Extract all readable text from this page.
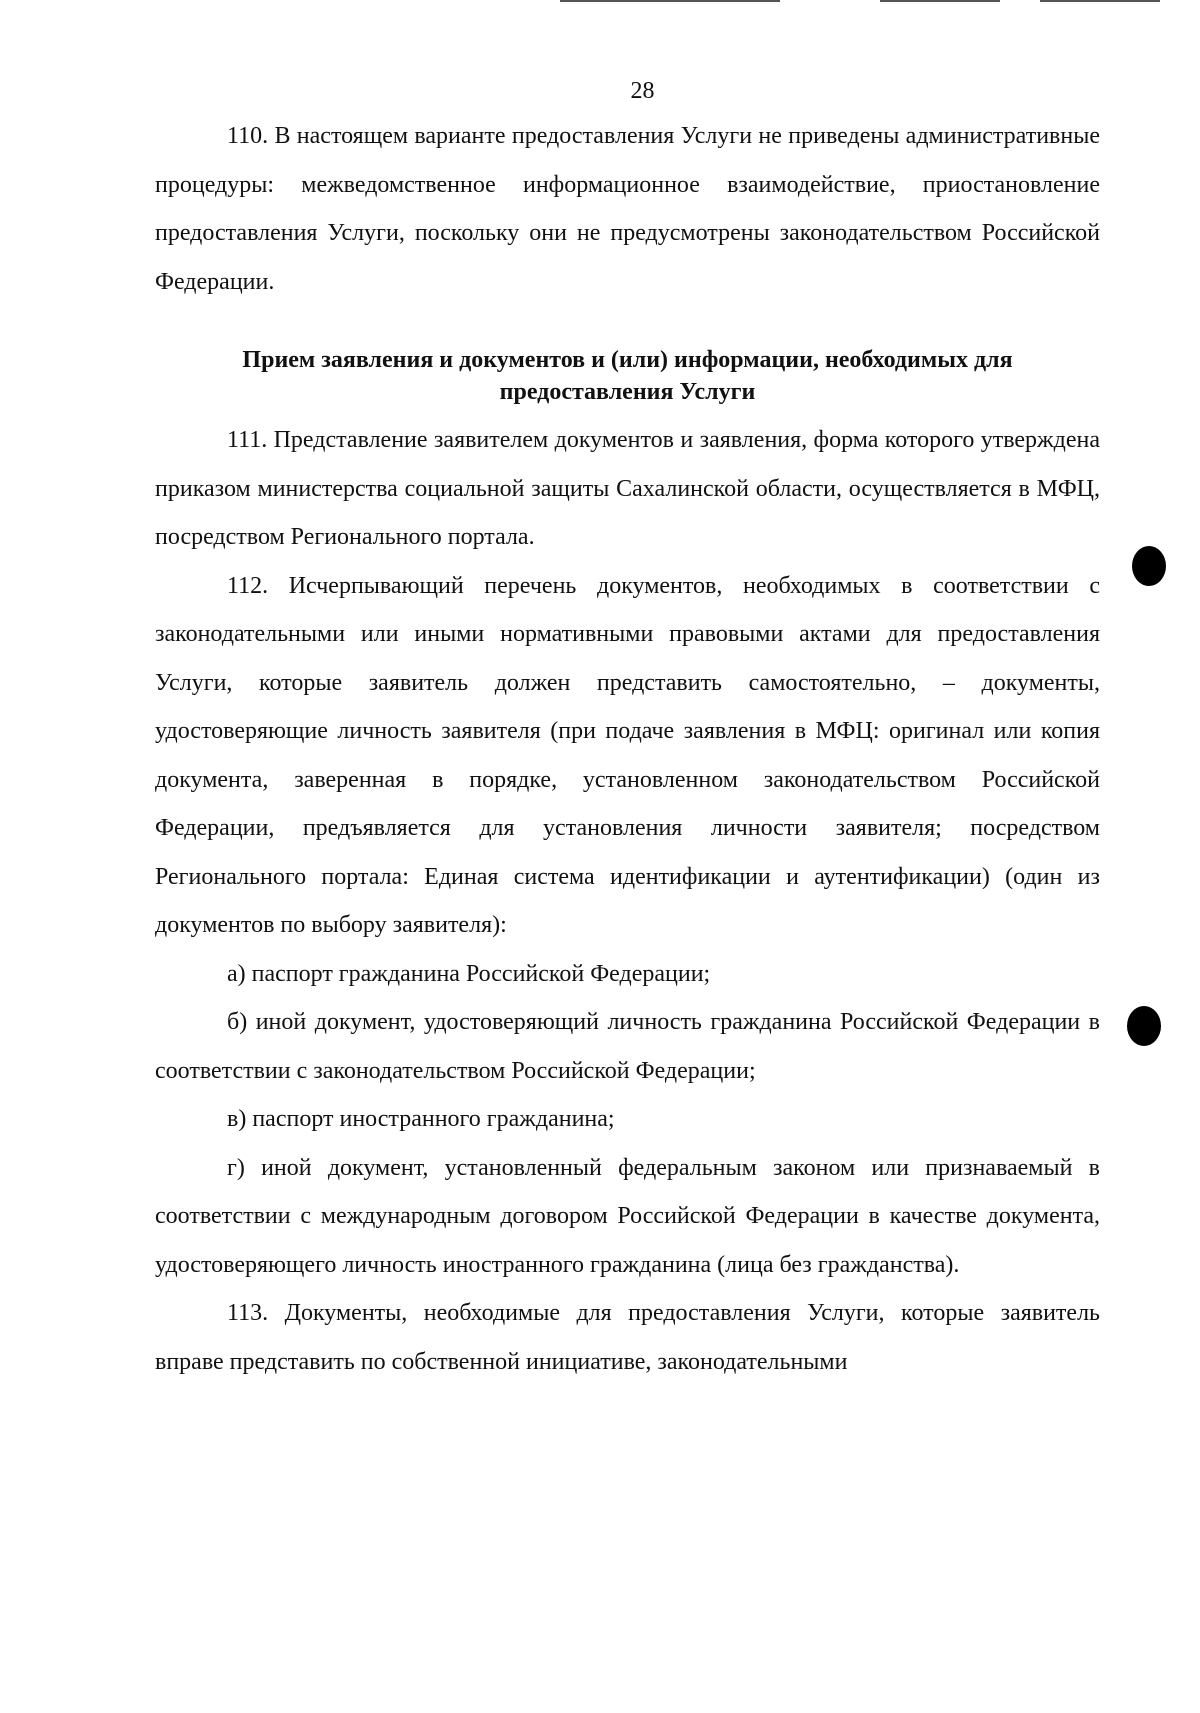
28

110. В настоящем варианте предоставления Услуги не приведены административные процедуры: межведомственное информационное взаимодействие, приостановление предоставления Услуги, поскольку они не предусмотрены законодательством Российской Федерации.

Прием заявления и документов и (или) информации, необходимых для
предоставления Услуги

111. Представление заявителем документов и заявления, форма которого утверждена приказом министерства социальной защиты Сахалинской области, осуществляется в МФЦ, посредством Регионального портала.

112. Исчерпывающий перечень документов, необходимых в соответствии с законодательными или иными нормативными правовыми актами для предоставления Услуги, которые заявитель должен представить самостоятельно, – документы, удостоверяющие личность заявителя (при подаче заявления в МФЦ: оригинал или копия документа, заверенная в порядке, установленном законодательством Российской Федерации, предъявляется для установления личности заявителя; посредством Регионального портала: Единая система идентификации и аутентификации) (один из документов по выбору заявителя):

а) паспорт гражданина Российской Федерации;

б) иной документ, удостоверяющий личность гражданина Российской Федерации в соответствии с законодательством Российской Федерации;

в) паспорт иностранного гражданина;

г) иной документ, установленный федеральным законом или признаваемый в соответствии с международным договором Российской Федерации в качестве документа, удостоверяющего личность иностранного гражданина (лица без гражданства).

113. Документы, необходимые для предоставления Услуги, которые заявитель вправе представить по собственной инициативе, законодательными
